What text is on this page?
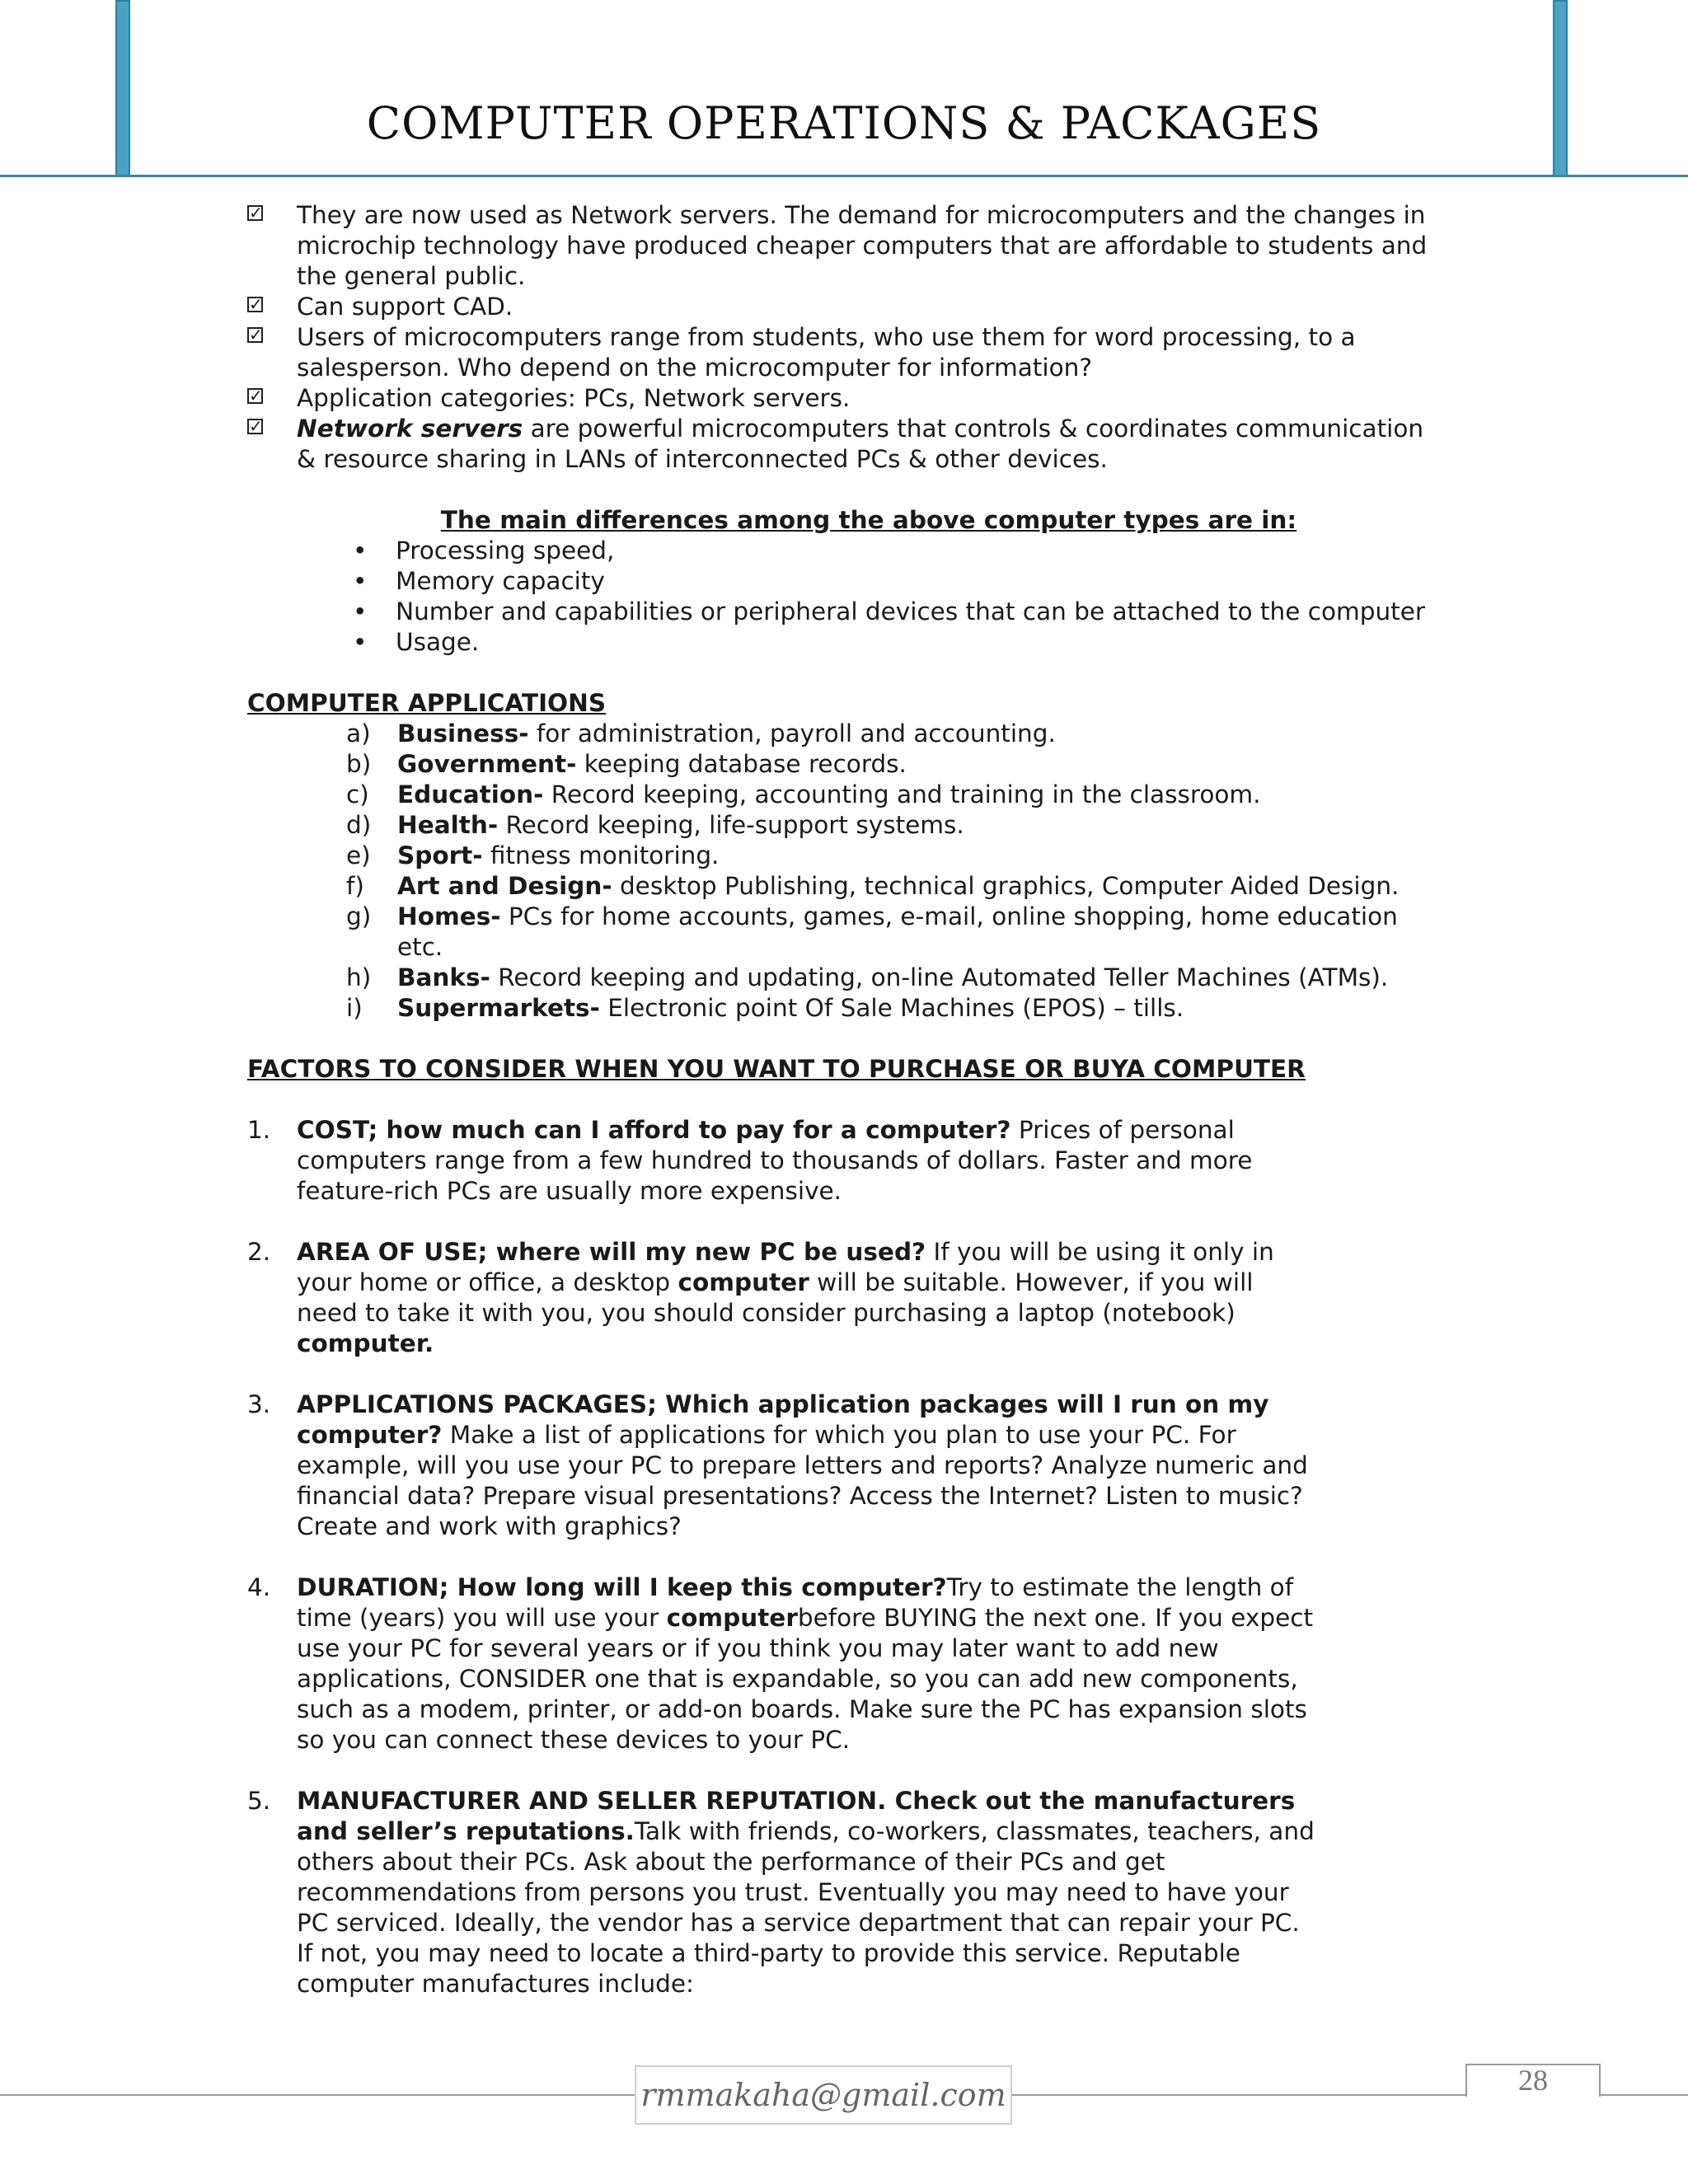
COMPUTER OPERATIONS & PACKAGES
✓ They are now used as Network servers. The demand for microcomputers and the changes in microchip technology have produced cheaper computers that are affordable to students and the general public.
✓ Can support CAD.
✓ Users of microcomputers range from students, who use them for word processing, to a salesperson. Who depend on the microcomputer for information?
✓ Application categories: PCs, Network servers.
✓ Network servers are powerful microcomputers that controls & coordinates communication & resource sharing in LANs of interconnected PCs & other devices.
The main differences among the above computer types are in:
• Processing speed,
• Memory capacity
• Number and capabilities or peripheral devices that can be attached to the computer
• Usage.
COMPUTER APPLICATIONS
a) Business- for administration, payroll and accounting.
b) Government- keeping database records.
c) Education- Record keeping, accounting and training in the classroom.
d) Health- Record keeping, life-support systems.
e) Sport- fitness monitoring.
f) Art and Design- desktop Publishing, technical graphics, Computer Aided Design.
g) Homes- PCs for home accounts, games, e-mail, online shopping, home education etc.
h) Banks- Record keeping and updating, on-line Automated Teller Machines (ATMs).
i) Supermarkets- Electronic point Of Sale Machines (EPOS) – tills.
FACTORS TO CONSIDER WHEN YOU WANT TO PURCHASE OR BUYA COMPUTER
1. COST; how much can I afford to pay for a computer? Prices of personal computers range from a few hundred to thousands of dollars. Faster and more feature-rich PCs are usually more expensive.
2. AREA OF USE; where will my new PC be used? If you will be using it only in your home or office, a desktop computer will be suitable. However, if you will need to take it with you, you should consider purchasing a laptop (notebook) computer.
3. APPLICATIONS PACKAGES; Which application packages will I run on my computer? Make a list of applications for which you plan to use your PC. For example, will you use your PC to prepare letters and reports? Analyze numeric and financial data? Prepare visual presentations? Access the Internet? Listen to music? Create and work with graphics?
4. DURATION; How long will I keep this computer?Try to estimate the length of time (years) you will use your computerbefore BUYING the next one. If you expect use your PC for several years or if you think you may later want to add new applications, CONSIDER one that is expandable, so you can add new components, such as a modem, printer, or add-on boards. Make sure the PC has expansion slots so you can connect these devices to your PC.
5. MANUFACTURER AND SELLER REPUTATION. Check out the manufacturers and seller’s reputations.Talk with friends, co-workers, classmates, teachers, and others about their PCs. Ask about the performance of their PCs and get recommendations from persons you trust. Eventually you may need to have your PC serviced. Ideally, the vendor has a service department that can repair your PC. If not, you may need to locate a third-party to provide this service. Reputable computer manufactures include:
rmmakaha@gmail.com	28
